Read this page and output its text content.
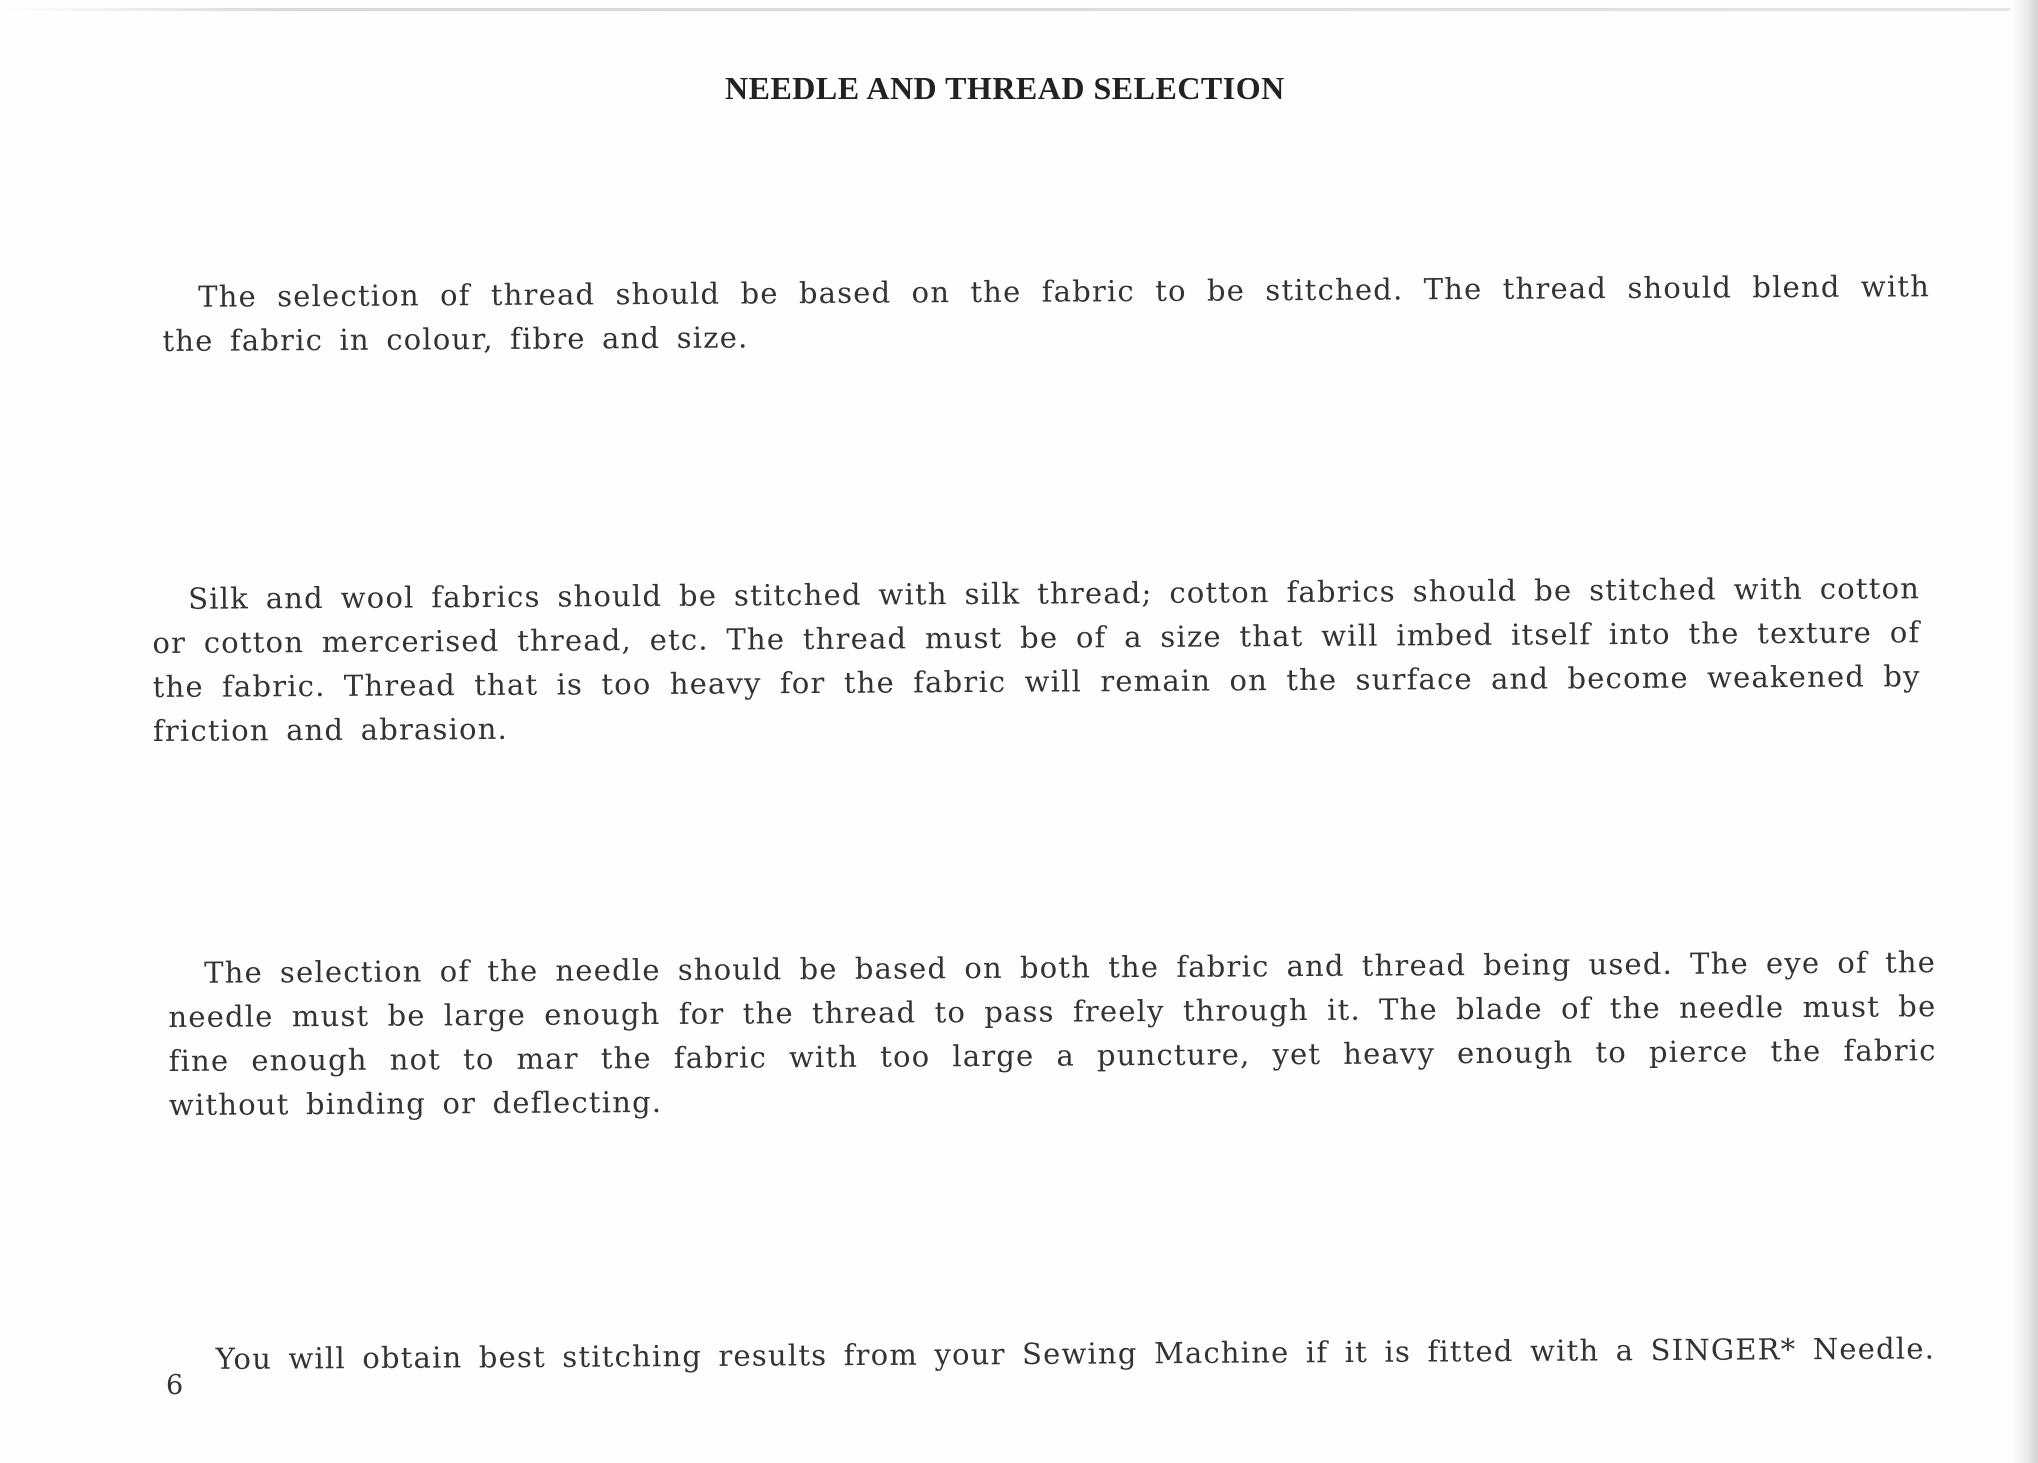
NEEDLE AND THREAD SELECTION

The selection of thread should be based on the fabric to be stitched. The thread should blend with the fabric in colour, fibre and size.

Silk and wool fabrics should be stitched with silk thread; cotton fabrics should be stitched with cotton or cotton mercerised thread, etc. The thread must be of a size that will imbed itself into the texture of the fabric. Thread that is too heavy for the fabric will remain on the surface and become weakened by friction and abrasion.

The selection of the needle should be based on both the fabric and thread being used. The eye of the needle must be large enough for the thread to pass freely through it. The blade of the needle must be fine enough not to mar the fabric with too large a puncture, yet heavy enough to pierce the fabric without binding or deflecting.

You will obtain best stitching results from your Sewing Machine if it is fitted with a SINGER* Needle.

6
